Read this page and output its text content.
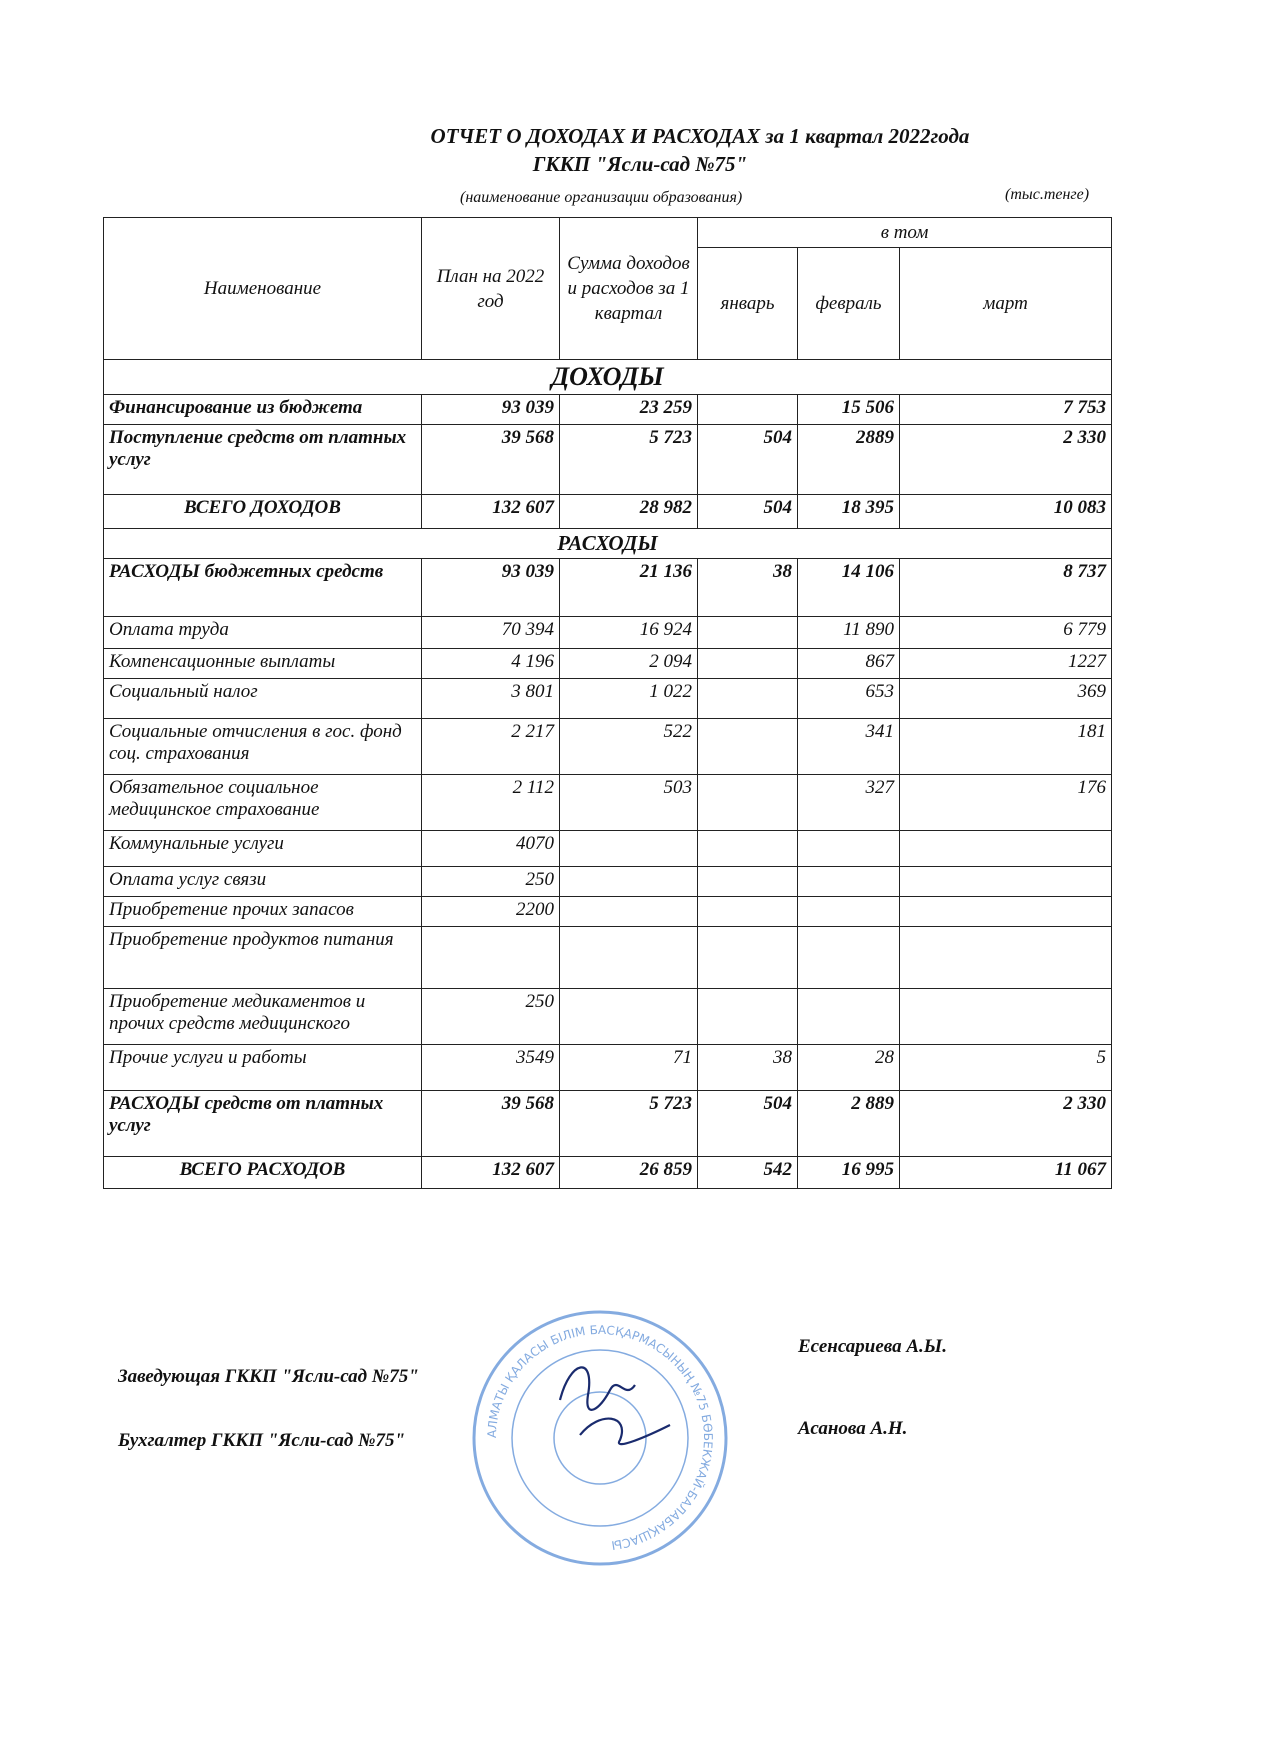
ОТЧЕТ О ДОХОДАХ И РАСХОДАХ за 1 квартал 2022года
ГККП "Ясли-сад №75"
(наименование организации образования)	(тыс.тенге)
Наименование	План на 2022 год	Сумма доходов и расходов за 1 квартал	в том		
			январь	февраль	март
ДОХОДЫ					
Финансирование из бюджета	93 039	23 259		15 506	7 753
Поступление средств от платных услуг	39 568	5 723	504	2889	2 330
ВСЕГО ДОХОДОВ	132 607	28 982	504	18 395	10 083
РАСХОДЫ					
РАСХОДЫ бюджетных средств	93 039	21 136	38	14 106	8 737
Оплата труда	70 394	16 924		11 890	6 779
Компенсационные выплаты	4 196	2 094		867	1227
Социальный налог	3 801	1 022		653	369
Социальные отчисления в гос. фонд соц. страхования	2 217	522		341	181
Обязательное социальное медицинское страхование	2 112	503		327	176
Коммунальные услуги	4070				
Оплата услуг связи	250				
Приобретение прочих запасов	2200				
Приобретение продуктов питания					
Приобретение медикаментов и прочих средств медицинского	250				
Прочие услуги и работы	3549	71	38	28	5
РАСХОДЫ средств от платных услуг	39 568	5 723	504	2 889	2 330
ВСЕГО РАСХОДОВ	132 607	26 859	542	16 995	11 067
АЛМАТЫ ҚАЛАСЫ БІЛІМ БАСҚАРМАСЫНЫҢ №75 БӨБЕКЖАЙ-БАЛАБАҚШАСЫ
Заведующая ГККП "Ясли-сад №75"
Есенсариева А.Ы.
Бухгалтер ГККП "Ясли-сад №75"
Асанова А.Н.
